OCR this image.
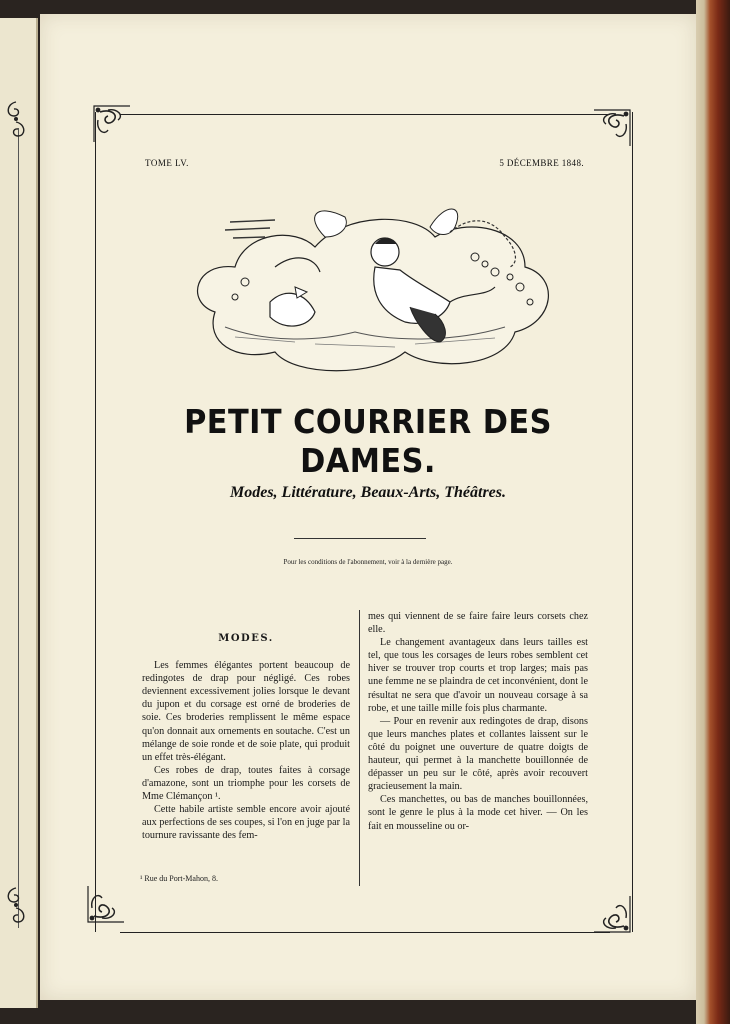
TOME LV.	5 DÉCEMBRE 1848.
PETIT COURRIER DES DAMES.
Modes, Littérature, Beaux-Arts, Théâtres.
Pour les conditions de l'abonnement, voir à la dernière page.
MODES.

Les femmes élégantes portent beaucoup de redingotes de drap pour négligé. Ces robes deviennent excessivement jolies lorsque le devant du jupon et du corsage est orné de broderies de soie. Ces broderies remplissent le même espace qu'on donnait aux ornements en soutache. C'est un mélange de soie ronde et de soie plate, qui produit un effet très-élégant.

Ces robes de drap, toutes faites à corsage d'amazone, sont un triomphe pour les corsets de Mme Clémançon ¹.

Cette habile artiste semble encore avoir ajouté aux perfections de ses coupes, si l'on en juge par la tournure ravissante des fem-

mes qui viennent de se faire faire leurs corsets chez elle.

Le changement avantageux dans leurs tailles est tel, que tous les corsages de leurs robes semblent cet hiver se trouver trop courts et trop larges; mais pas une femme ne se plaindra de cet inconvénient, dont le résultat ne sera que d'avoir un nouveau corsage à sa robe, et une taille mille fois plus charmante.

— Pour en revenir aux redingotes de drap, disons que leurs manches plates et collantes laissent sur le côté du poignet une ouverture de quatre doigts de hauteur, qui permet à la manchette bouillonnée de dépasser un peu sur le côté, après avoir recouvert gracieusement la main.

Ces manchettes, ou bas de manches bouillonnées, sont le genre le plus à la mode cet hiver. — On les fait en mousseline ou or-

¹ Rue du Port-Mahon, 8.
